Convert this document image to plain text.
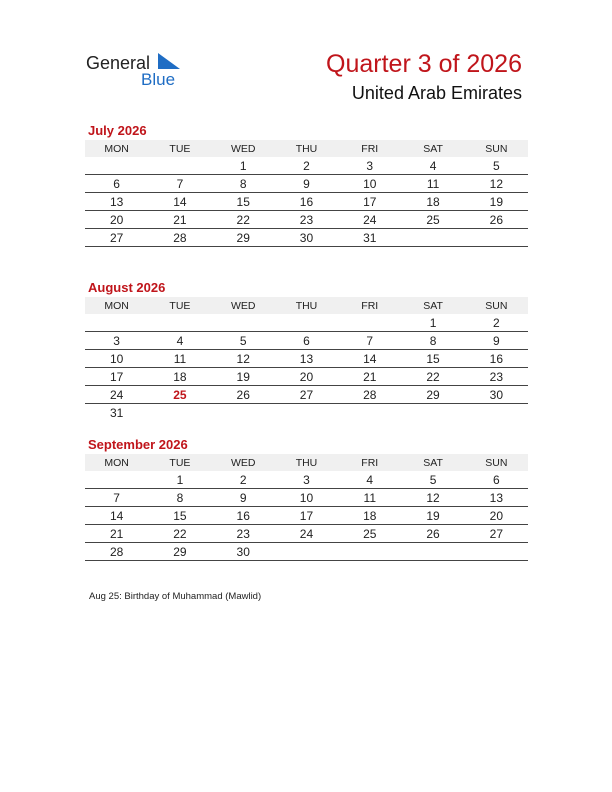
General
Blue
Quarter 3 of 2026
United Arab Emirates
July 2026
MON	TUE	WED	THU	FRI	SAT	SUN
		1	2	3	4	5
6	7	8	9	10	11	12
13	14	15	16	17	18	19
20	21	22	23	24	25	26
27	28	29	30	31		
August 2026
MON	TUE	WED	THU	FRI	SAT	SUN
					1	2
3	4	5	6	7	8	9
10	11	12	13	14	15	16
17	18	19	20	21	22	23
24	25	26	27	28	29	30
31						
September 2026
MON	TUE	WED	THU	FRI	SAT	SUN
	1	2	3	4	5	6
7	8	9	10	11	12	13
14	15	16	17	18	19	20
21	22	23	24	25	26	27
28	29	30				
Aug 25: Birthday of Muhammad (Mawlid)
